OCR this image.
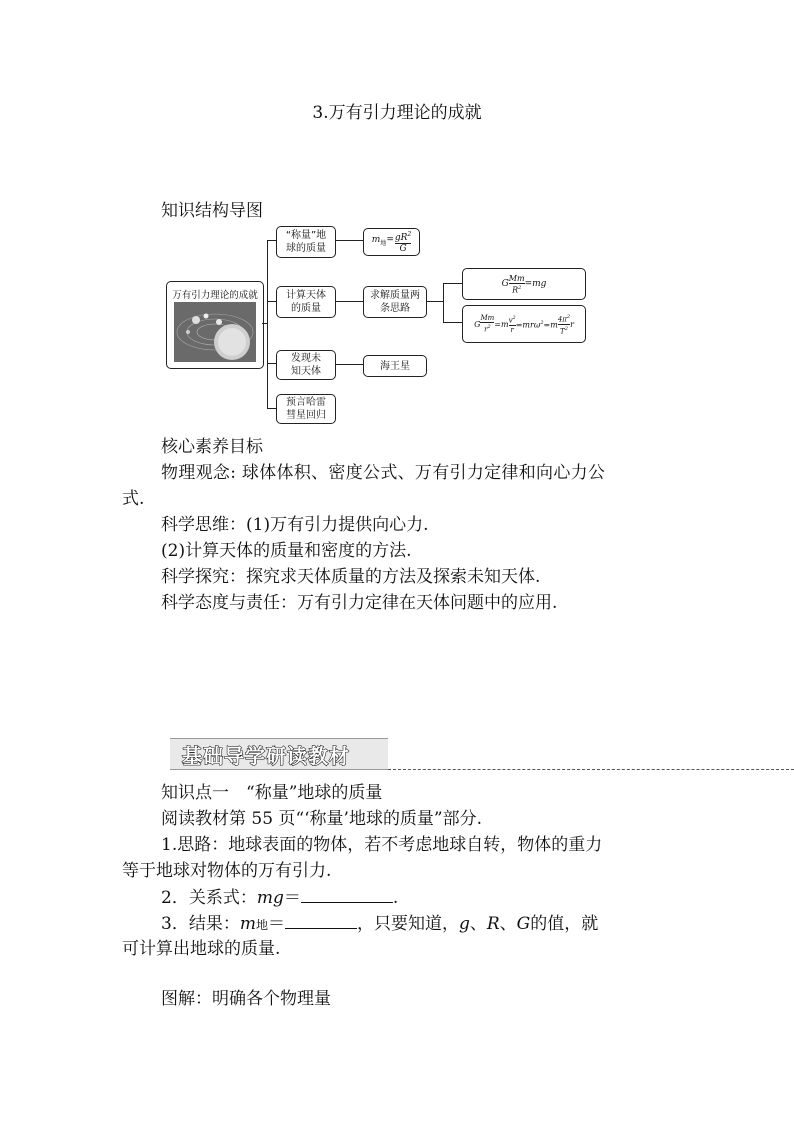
3.万有引力理论的成就
知识结构导图
万有引力理论的成就
“称量”地球的质量
$m_地= \frac{gR^2}{G}$
计算天体的质量
求解质量两条思路
G $\frac{Mm}{R^2} =mg$
G $\frac{Mm}{r^2} =m \frac{v^2}{r} =mr\omega^2=m$
$4\pi^2$
$T^2$ r
发现未知天体	海王星
预言哈雷彗星回归
核心素养目标
物理观念: 球体体积、密度公式、万有引力定律和向心力公
式.
科学思维：(1)万有引力提供向心力.
(2)计算天体的质量和密度的方法.
科学探究：探究求天体质量的方法及探索未知天体.
科学态度与责任：万有引力定律在天体问题中的应用.
基础导学研读教材
知识点一　“称量”地球的质量
阅读教材第 55 页“‘称量’地球的质量”部分.
1.思路：地球表面的物体，若不考虑地球自转，物体的重力
等于地球对物体的万有引力.
2．关系式：mg＝	.
3．结果：m地＝	，只要知道，g、R、G的值，就
可计算出地球的质量.
图解：明确各个物理量
